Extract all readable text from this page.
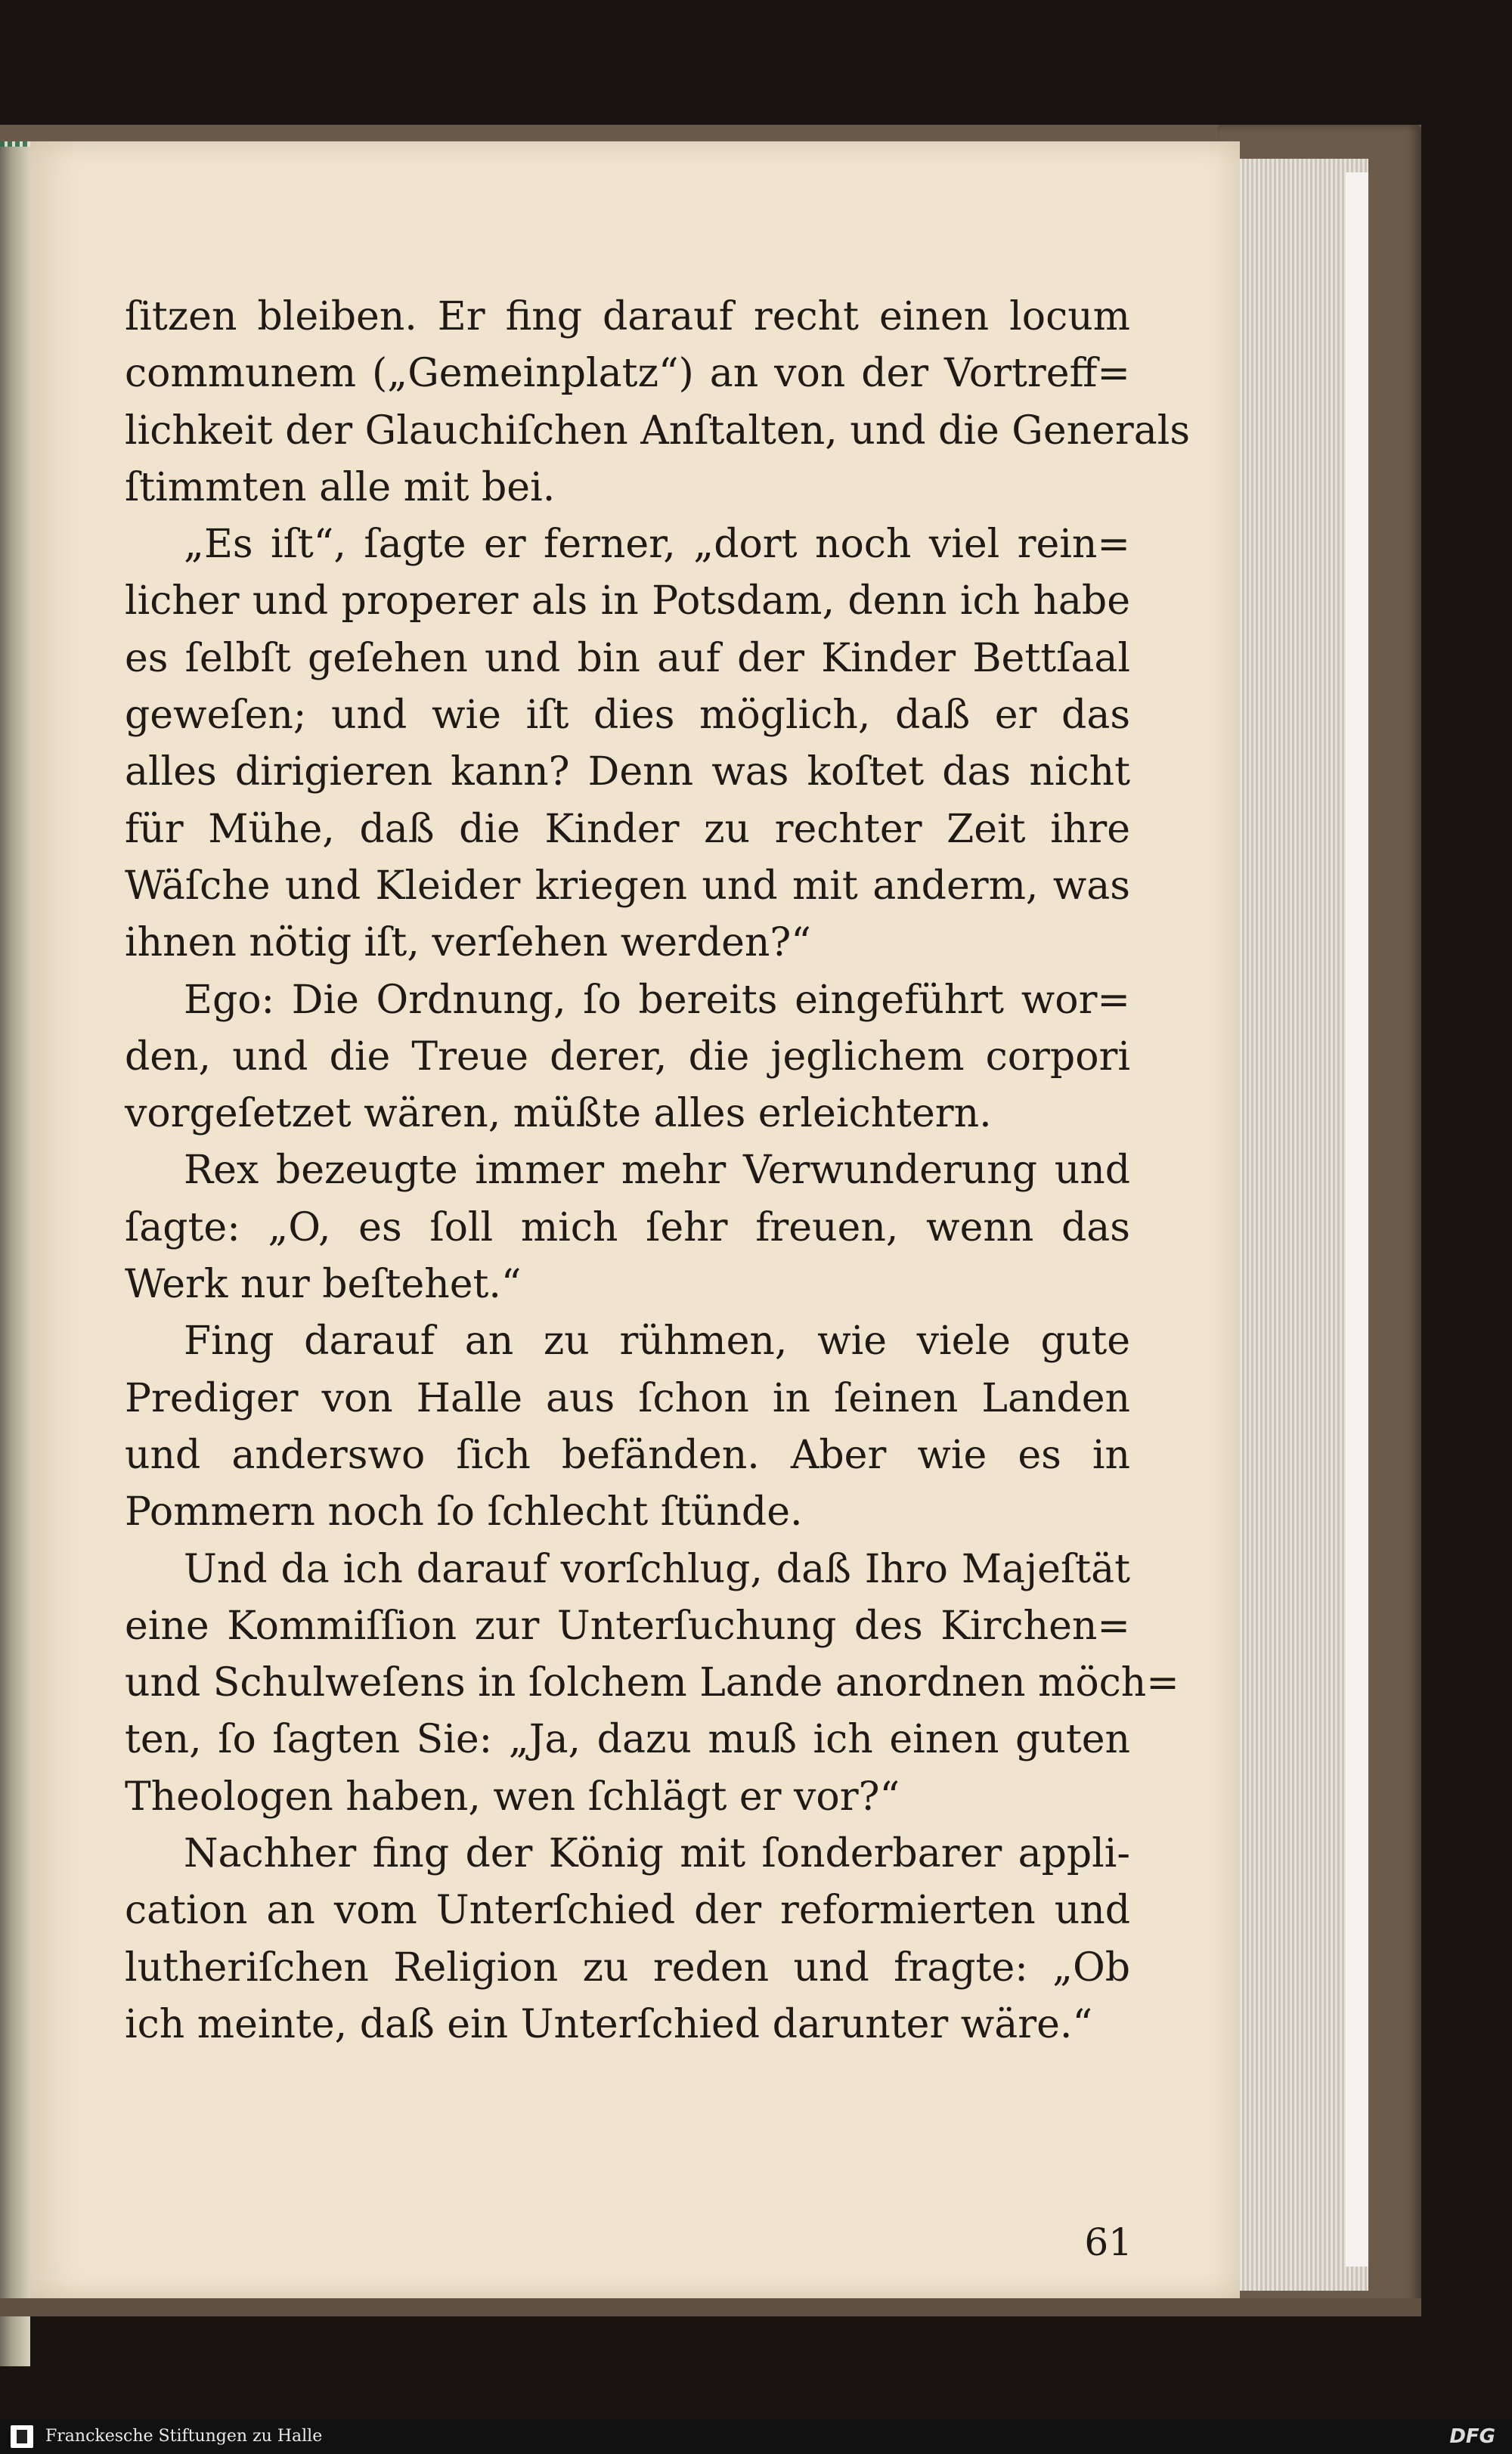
ſitzen bleiben. Er fing darauf recht einen locum
communem („Gemeinplatz“) an von der Vortreff=
lichkeit der Glauchiſchen Anſtalten, und die Generals
ſtimmten alle mit bei.
„Es iſt“, ſagte er ferner, „dort noch viel rein=
licher und properer als in Potsdam, denn ich habe
es ſelbſt geſehen und bin auf der Kinder Bettſaal
geweſen; und wie iſt dies möglich, daß er das
alles dirigieren kann? Denn was koſtet das nicht
für Mühe, daß die Kinder zu rechter Zeit ihre
Wäſche und Kleider kriegen und mit anderm, was
ihnen nötig iſt, verſehen werden?“
Ego: Die Ordnung, ſo bereits eingeführt wor=
den, und die Treue derer, die jeglichem corpori
vorgeſetzet wären, müßte alles erleichtern.
Rex bezeugte immer mehr Verwunderung und
ſagte: „O, es ſoll mich ſehr freuen, wenn das
Werk nur beſtehet.“
Fing darauf an zu rühmen, wie viele gute
Prediger von Halle aus ſchon in ſeinen Landen
und anderswo ſich befänden. Aber wie es in
Pommern noch ſo ſchlecht ſtünde.
Und da ich darauf vorſchlug, daß Ihro Majeſtät
eine Kommiſſion zur Unterſuchung des Kirchen=
und Schulweſens in ſolchem Lande anordnen möch=
ten, ſo ſagten Sie: „Ja, dazu muß ich einen guten
Theologen haben, wen ſchlägt er vor?“
Nachher fing der König mit ſonderbarer appli-
cation an vom Unterſchied der reformierten und
lutheriſchen Religion zu reden und fragte: „Ob
ich meinte, daß ein Unterſchied darunter wäre.“
61
Franckesche Stiftungen zu Halle	DFG
